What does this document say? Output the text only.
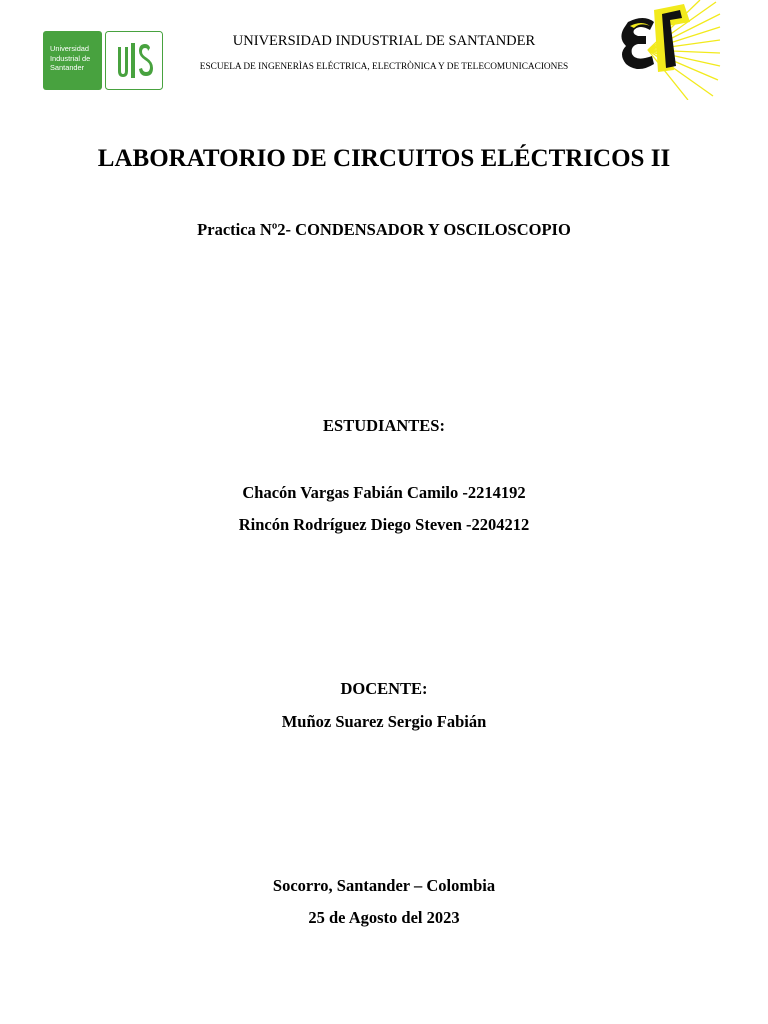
Universidad
Industrial de
Santander
UNIVERSIDAD INDUSTRIAL DE SANTANDER
ESCUELA DE INGENERÌAS ELÉCTRICA, ELECTRÒNICA Y DE TELECOMUNICACIONES
LABORATORIO DE CIRCUITOS ELÉCTRICOS II
Practica Nº2- CONDENSADOR Y OSCILOSCOPIO
ESTUDIANTES:
Chacón Vargas Fabián Camilo -2214192
Rincón Rodríguez Diego Steven -2204212
DOCENTE:
Muñoz Suarez Sergio Fabián
Socorro, Santander – Colombia
25 de Agosto del 2023
